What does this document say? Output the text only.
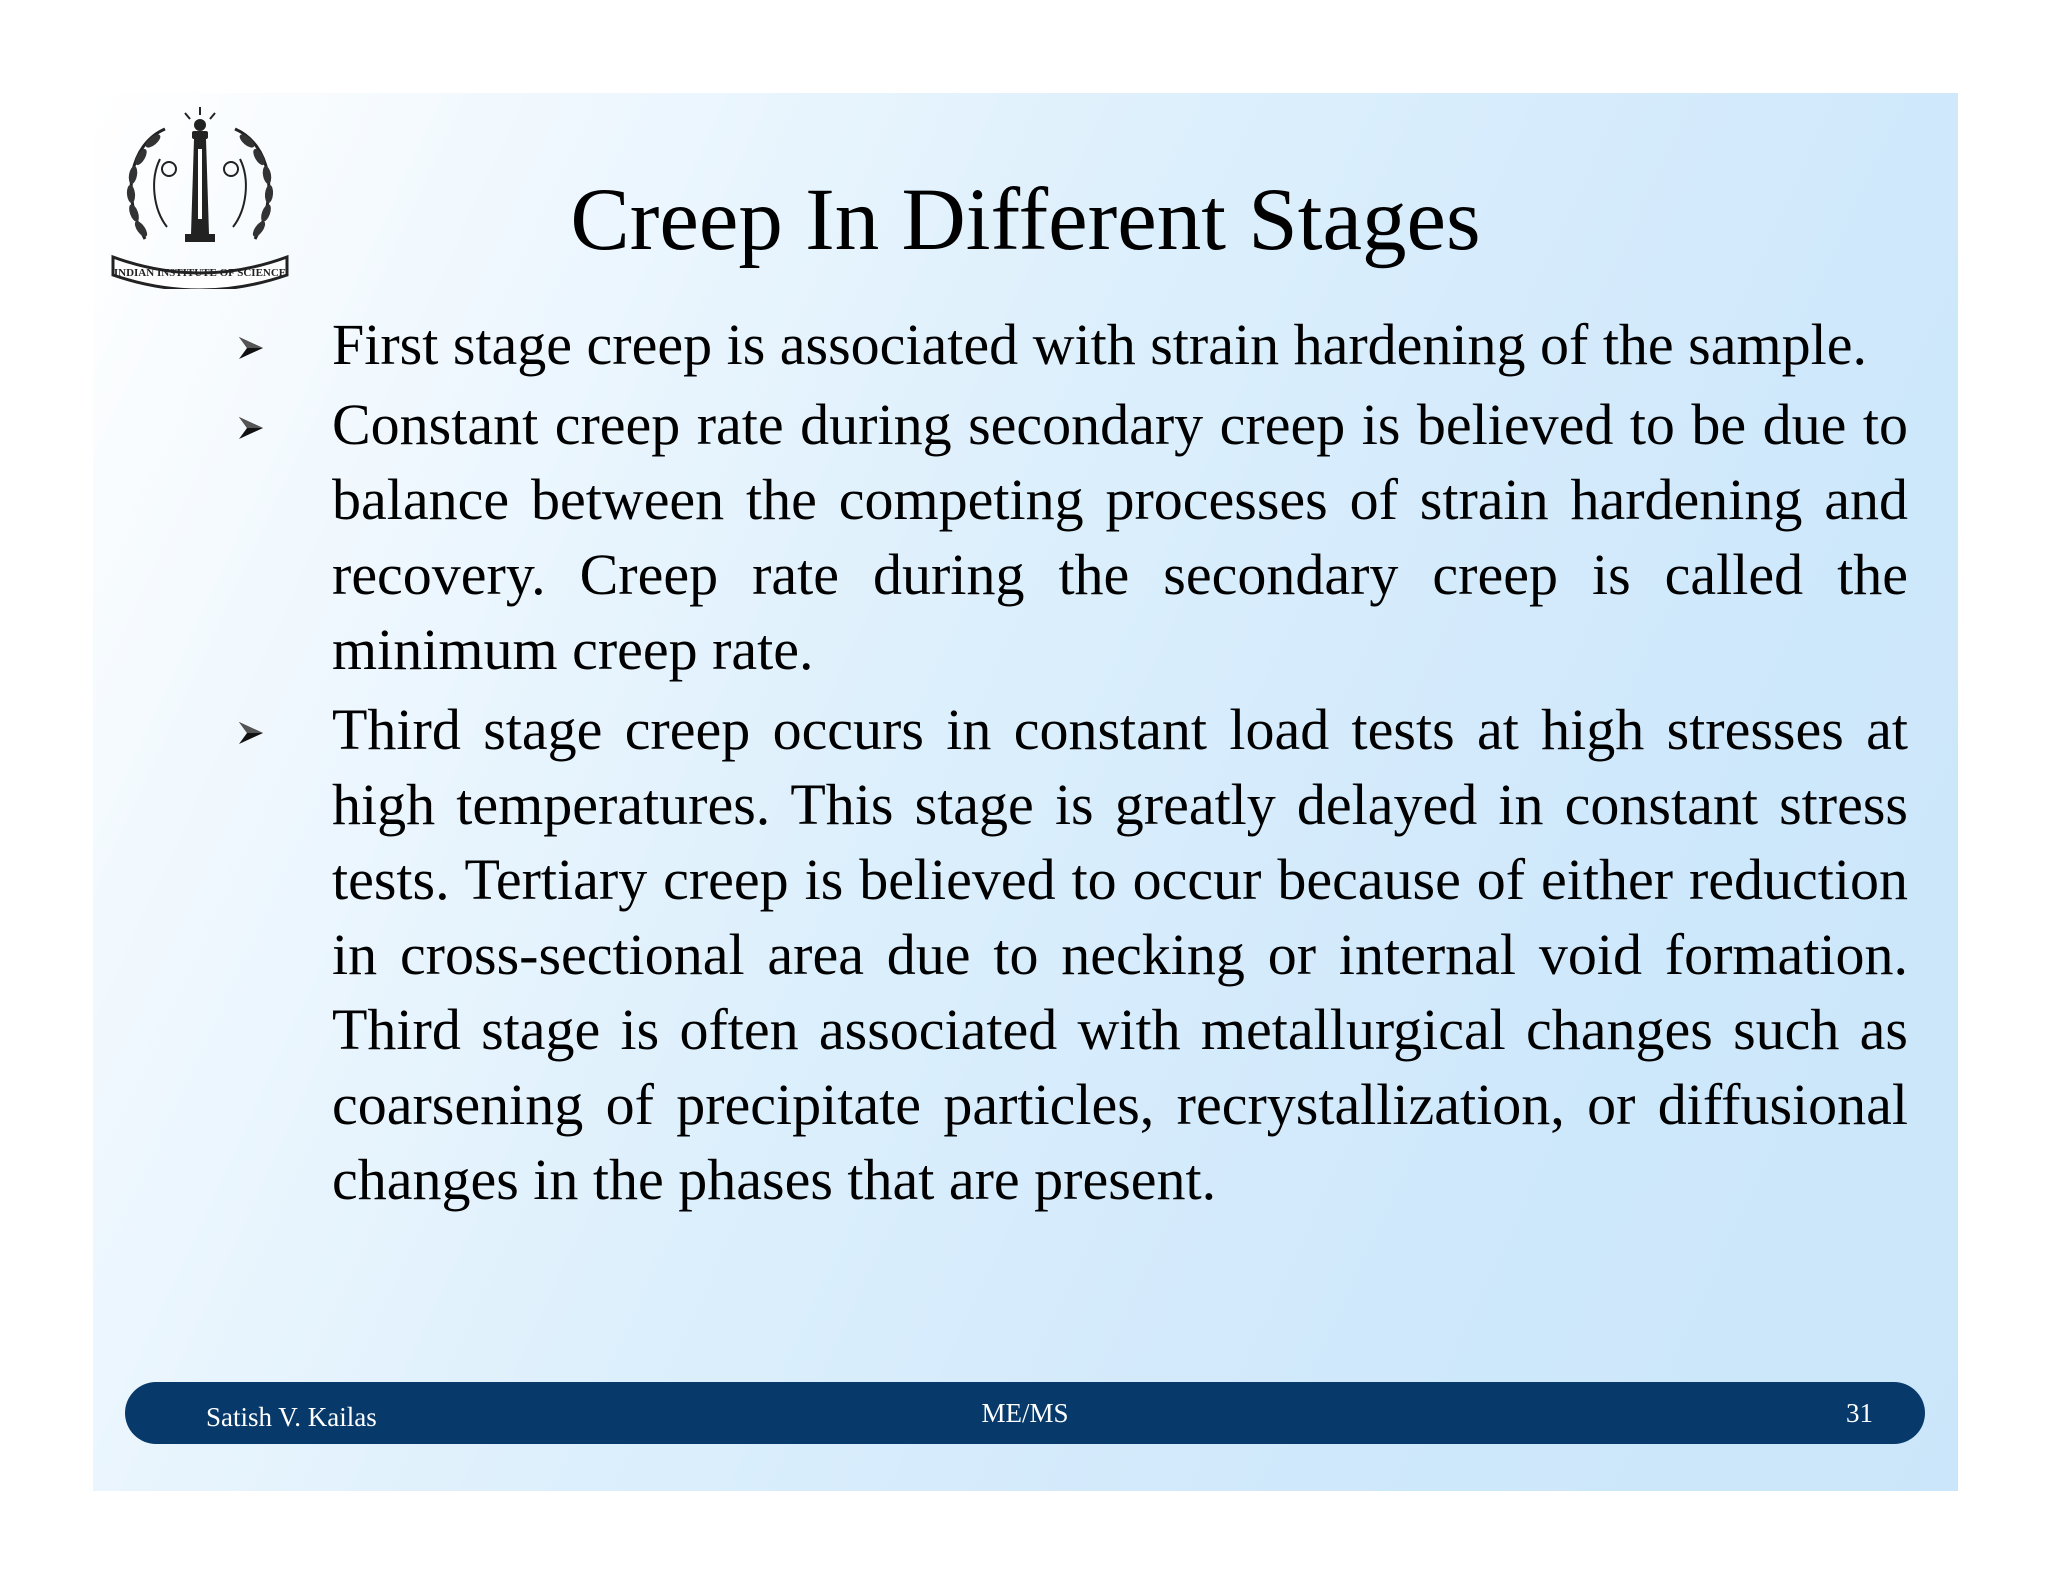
INDIAN INSTITUTE OF SCIENCE
Creep In Different Stages
First stage creep is associated with strain hardening of the sample.
Constant creep rate during secondary creep is believed to be due to balance between the competing processes of strain hardening and recovery. Creep rate during the secondary creep is called the minimum creep rate.
Third stage creep occurs in constant load tests at high stresses at high temperatures. This stage is greatly delayed in constant stress tests. Tertiary creep is believed to occur because of either reduction in cross-sectional area due to necking or internal void formation. Third stage is often associated with metallurgical changes such as coarsening of precipitate particles, recrystallization, or diffusional changes in the phases that are present.
Satish V. Kailas	ME/MS	31
